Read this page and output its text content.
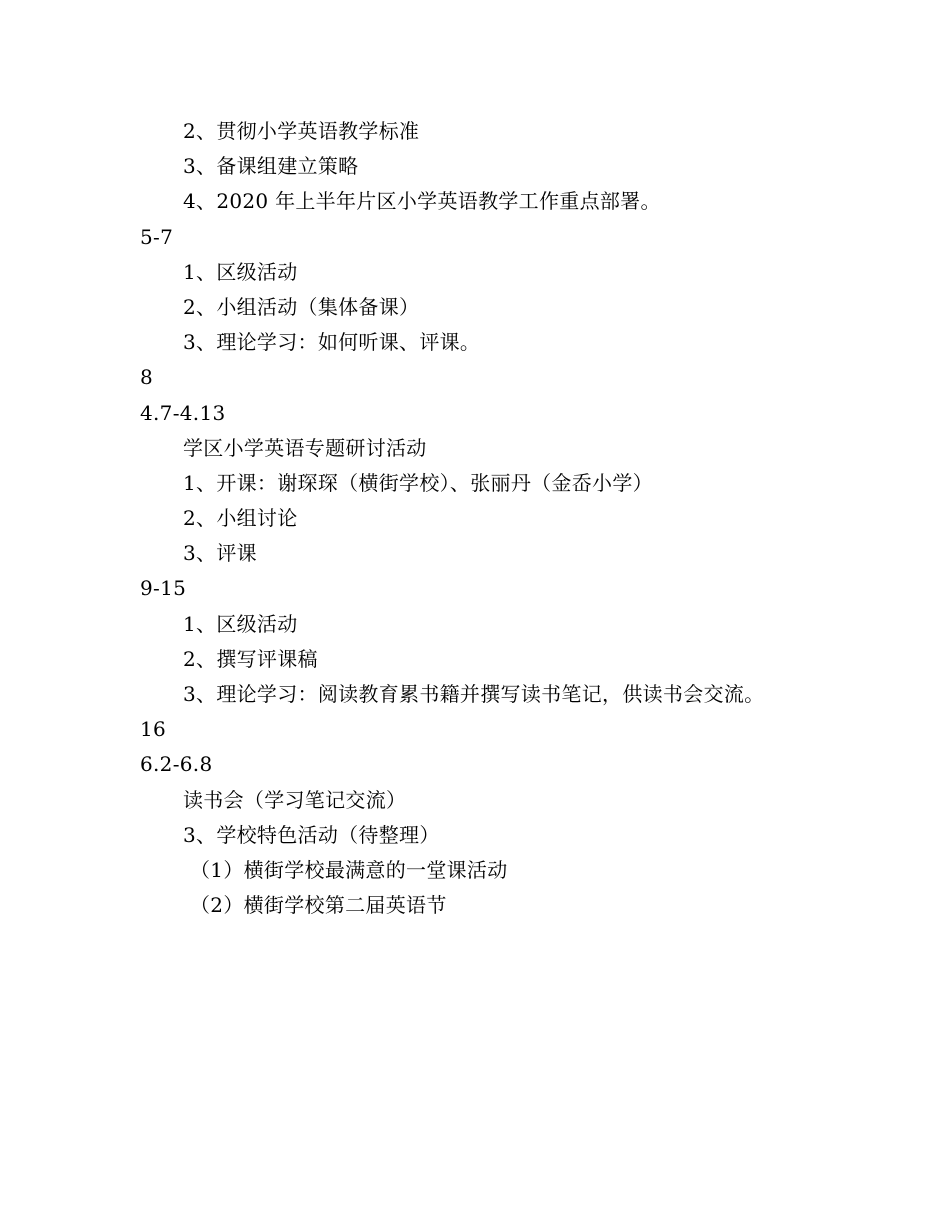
2、贯彻小学英语教学标准
3、备课组建立策略
4、2020 年上半年片区小学英语教学工作重点部署。
5-7
1、区级活动
2、小组活动（集体备课）
3、理论学习：如何听课、评课。
8
4.7-4.13
学区小学英语专题研讨活动
1、开课：谢琛琛（横街学校）、张丽丹（金岙小学）
2、小组讨论
3、评课
9-15
1、区级活动
2、撰写评课稿
3、理论学习：阅读教育累书籍并撰写读书笔记，供读书会交流。
16
6.2-6.8
读书会（学习笔记交流）
3、学校特色活动（待整理）
（1）横街学校最满意的一堂课活动
（2）横街学校第二届英语节
